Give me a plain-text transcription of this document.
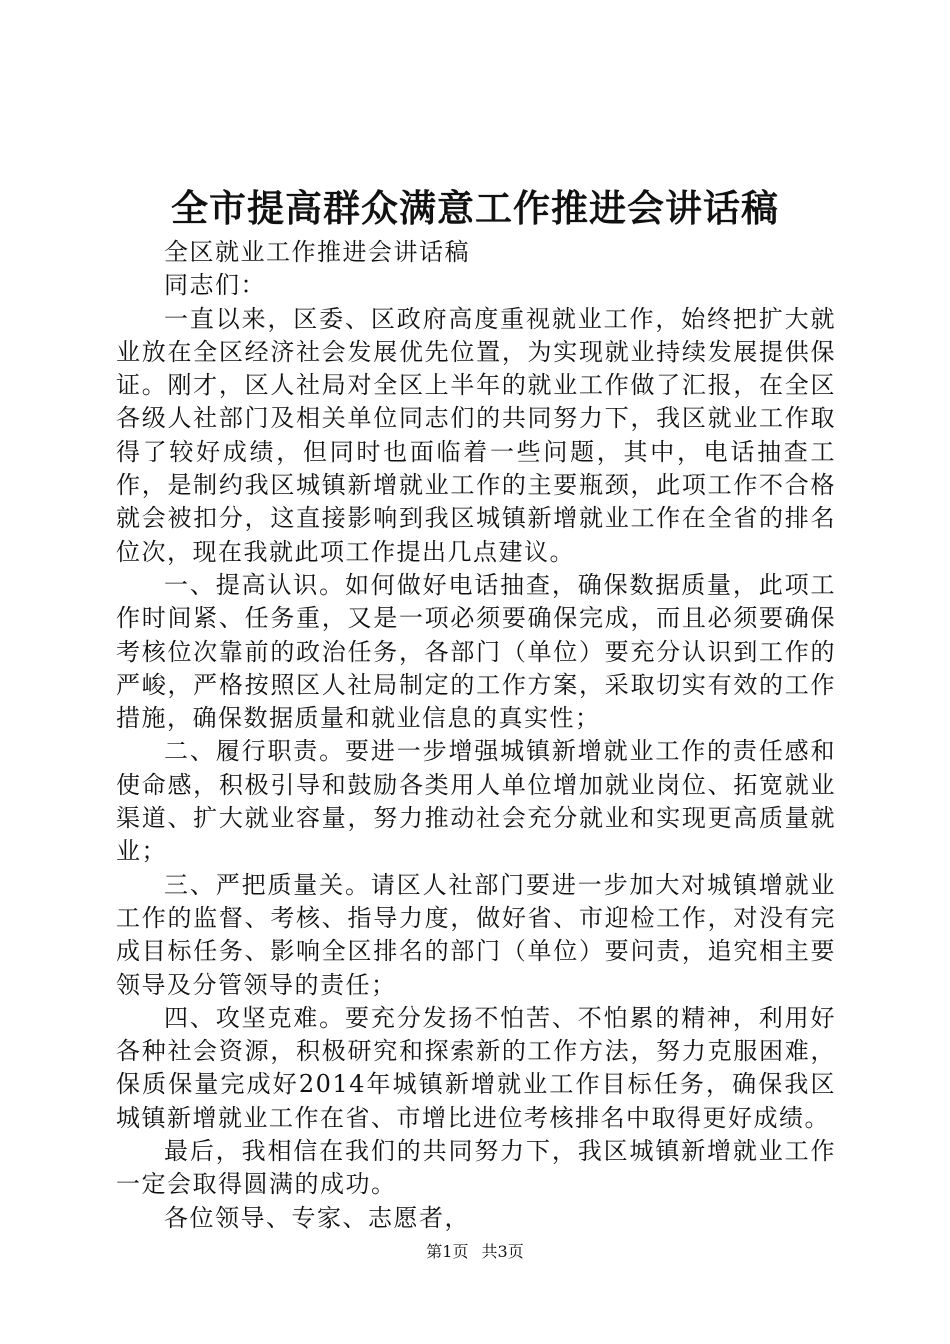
全市提高群众满意工作推进会讲话稿

全区就业工作推进会讲话稿

同志们：

一直以来，区委、区政府高度重视就业工作，始终把扩大就业放在全区经济社会发展优先位置，为实现就业持续发展提供保证。刚才，区人社局对全区上半年的就业工作做了汇报，在全区各级人社部门及相关单位同志们的共同努力下，我区就业工作取得了较好成绩，但同时也面临着一些问题，其中，电话抽查工作，是制约我区城镇新增就业工作的主要瓶颈，此项工作不合格就会被扣分，这直接影响到我区城镇新增就业工作在全省的排名位次，现在我就此项工作提出几点建议。

一、提高认识。如何做好电话抽查，确保数据质量，此项工作时间紧、任务重，又是一项必须要确保完成，而且必须要确保考核位次靠前的政治任务，各部门（单位）要充分认识到工作的严峻，严格按照区人社局制定的工作方案，采取切实有效的工作措施，确保数据质量和就业信息的真实性；

二、履行职责。要进一步增强城镇新增就业工作的责任感和使命感，积极引导和鼓励各类用人单位增加就业岗位、拓宽就业渠道、扩大就业容量，努力推动社会充分就业和实现更高质量就业；

三、严把质量关。请区人社部门要进一步加大对城镇增就业工作的监督、考核、指导力度，做好省、市迎检工作，对没有完成目标任务、影响全区排名的部门（单位）要问责，追究相主要领导及分管领导的责任；

四、攻坚克难。要充分发扬不怕苦、不怕累的精神，利用好各种社会资源，积极研究和探索新的工作方法，努力克服困难，保质保量完成好2014年城镇新增就业工作目标任务，确保我区城镇新增就业工作在省、市增比进位考核排名中取得更好成绩。

最后，我相信在我们的共同努力下，我区城镇新增就业工作一定会取得圆满的成功。

各位领导、专家、志愿者，

第1页 共3页
